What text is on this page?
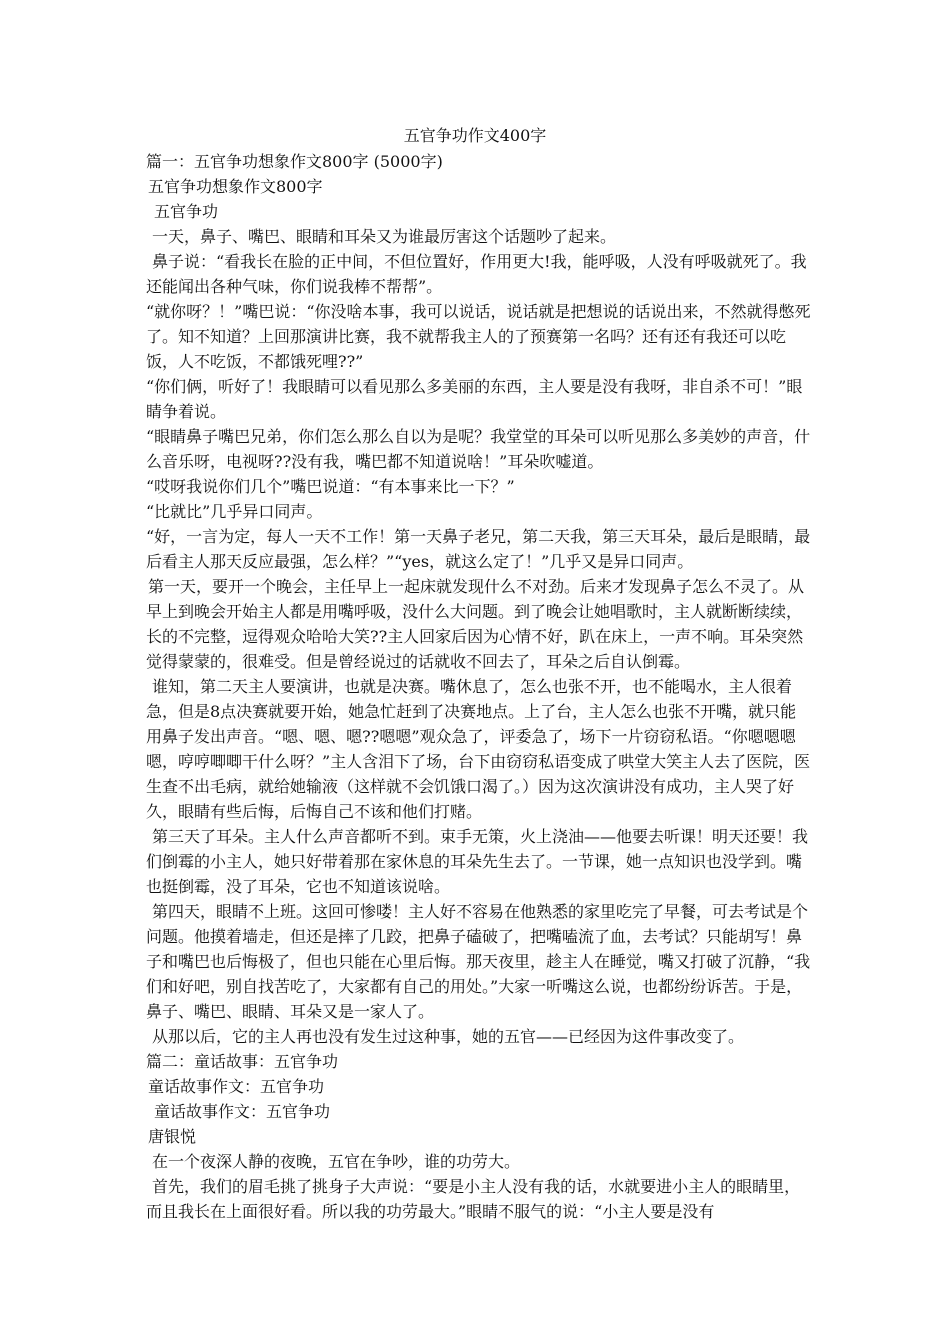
五官争功作文400字

篇一：五官争功想象作文800字 (5000字)

五官争功想象作文800字

五官争功

一天，鼻子、嘴巴、眼睛和耳朵又为谁最厉害这个话题吵了起来。

鼻子说：“看我长在脸的正中间，不但位置好，作用更大!我，能呼吸，人没有呼吸就死了。我还能闻出各种气味，你们说我棒不帮帮”。

“就你呀？！”嘴巴说：“你没啥本事，我可以说话，说话就是把想说的话说出来，不然就得憋死了。知不知道？上回那演讲比赛，我不就帮我主人的了预赛第一名吗？还有还有我还可以吃饭，人不吃饭，不都饿死哩??”

“你们俩，听好了！我眼睛可以看见那么多美丽的东西，主人要是没有我呀，非自杀不可！”眼睛争着说。

“眼睛鼻子嘴巴兄弟，你们怎么那么自以为是呢？我堂堂的耳朵可以听见那么多美妙的声音，什么音乐呀，电视呀??没有我，嘴巴都不知道说啥！”耳朵吹嘘道。

“哎呀我说你们几个”嘴巴说道：“有本事来比一下？”

“比就比”几乎异口同声。

“好，一言为定，每人一天不工作！第一天鼻子老兄，第二天我，第三天耳朵，最后是眼睛，最后看主人那天反应最强，怎么样？”“yes，就这么定了！”几乎又是异口同声。

第一天，要开一个晚会，主任早上一起床就发现什么不对劲。后来才发现鼻子怎么不灵了。从早上到晚会开始主人都是用嘴呼吸，没什么大问题。到了晚会让她唱歌时，主人就断断续续，长的不完整，逗得观众哈哈大笑??主人回家后因为心情不好，趴在床上，一声不响。耳朵突然觉得蒙蒙的，很难受。但是曾经说过的话就收不回去了，耳朵之后自认倒霉。

谁知，第二天主人要演讲，也就是决赛。嘴休息了，怎么也张不开，也不能喝水，主人很着急，但是8点决赛就要开始，她急忙赶到了决赛地点。上了台，主人怎么也张不开嘴，就只能用鼻子发出声音。“嗯、嗯、嗯??嗯嗯”观众急了，评委急了，场下一片窃窃私语。“你嗯嗯嗯嗯，哼哼唧唧干什么呀？”主人含泪下了场，台下由窃窃私语变成了哄堂大笑主人去了医院，医生查不出毛病，就给她输液（这样就不会饥饿口渴了。）因为这次演讲没有成功，主人哭了好久，眼睛有些后悔，后悔自己不该和他们打赌。

第三天了耳朵。主人什么声音都听不到。束手无策，火上浇油——他要去听课！明天还要！我们倒霉的小主人，她只好带着那在家休息的耳朵先生去了。一节课，她一点知识也没学到。嘴也挺倒霉，没了耳朵，它也不知道该说啥。

第四天，眼睛不上班。这回可惨喽！主人好不容易在他熟悉的家里吃完了早餐，可去考试是个问题。他摸着墙走，但还是摔了几跤，把鼻子磕破了，把嘴嗑流了血，去考试？只能胡写！鼻子和嘴巴也后悔极了，但也只能在心里后悔。那天夜里，趁主人在睡觉，嘴又打破了沉静，“我们和好吧，别自找苦吃了，大家都有自己的用处。”大家一听嘴这么说，也都纷纷诉苦。于是，鼻子、嘴巴、眼睛、耳朵又是一家人了。

从那以后，它的主人再也没有发生过这种事，她的五官——已经因为这件事改变了。

篇二：童话故事：五官争功

童话故事作文：五官争功

童话故事作文：五官争功

唐银悦

在一个夜深人静的夜晚，五官在争吵，谁的功劳大。

首先，我们的眉毛挑了挑身子大声说：“要是小主人没有我的话，水就要进小主人的眼睛里，而且我长在上面很好看。所以我的功劳最大。”眼睛不服气的说：“小主人要是没有
